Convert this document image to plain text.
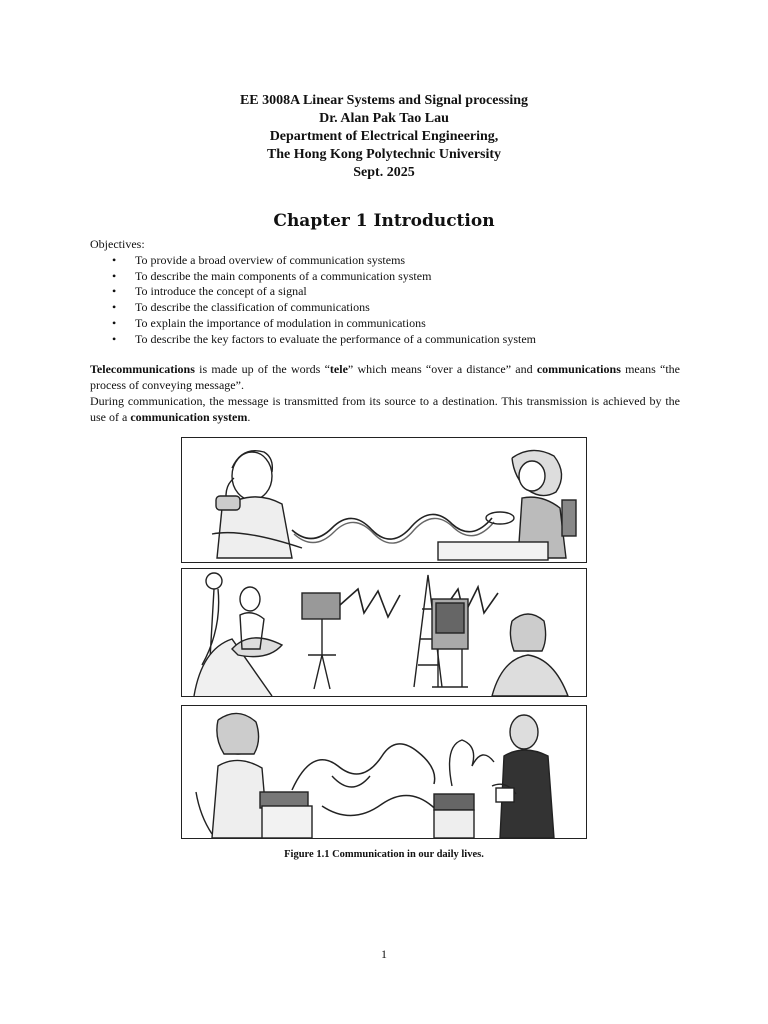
EE 3008A Linear Systems and Signal processing
Dr. Alan Pak Tao Lau
Department of Electrical Engineering,
The Hong Kong Polytechnic University
Sept. 2025
Chapter 1 Introduction
Objectives:
• To provide a broad overview of communication systems
• To describe the main components of a communication system
• To introduce the concept of a signal
• To describe the classification of communications
• To explain the importance of modulation in communications
• To describe the key factors to evaluate the performance of a communication system

Telecommunications is made up of the words “tele” which means “over a distance” and communications means “the process of conveying message”.

During communication, the message is transmitted from its source to a destination. This transmission is achieved by the use of a communication system.

Figure 1.1 Communication in our daily lives.
1
